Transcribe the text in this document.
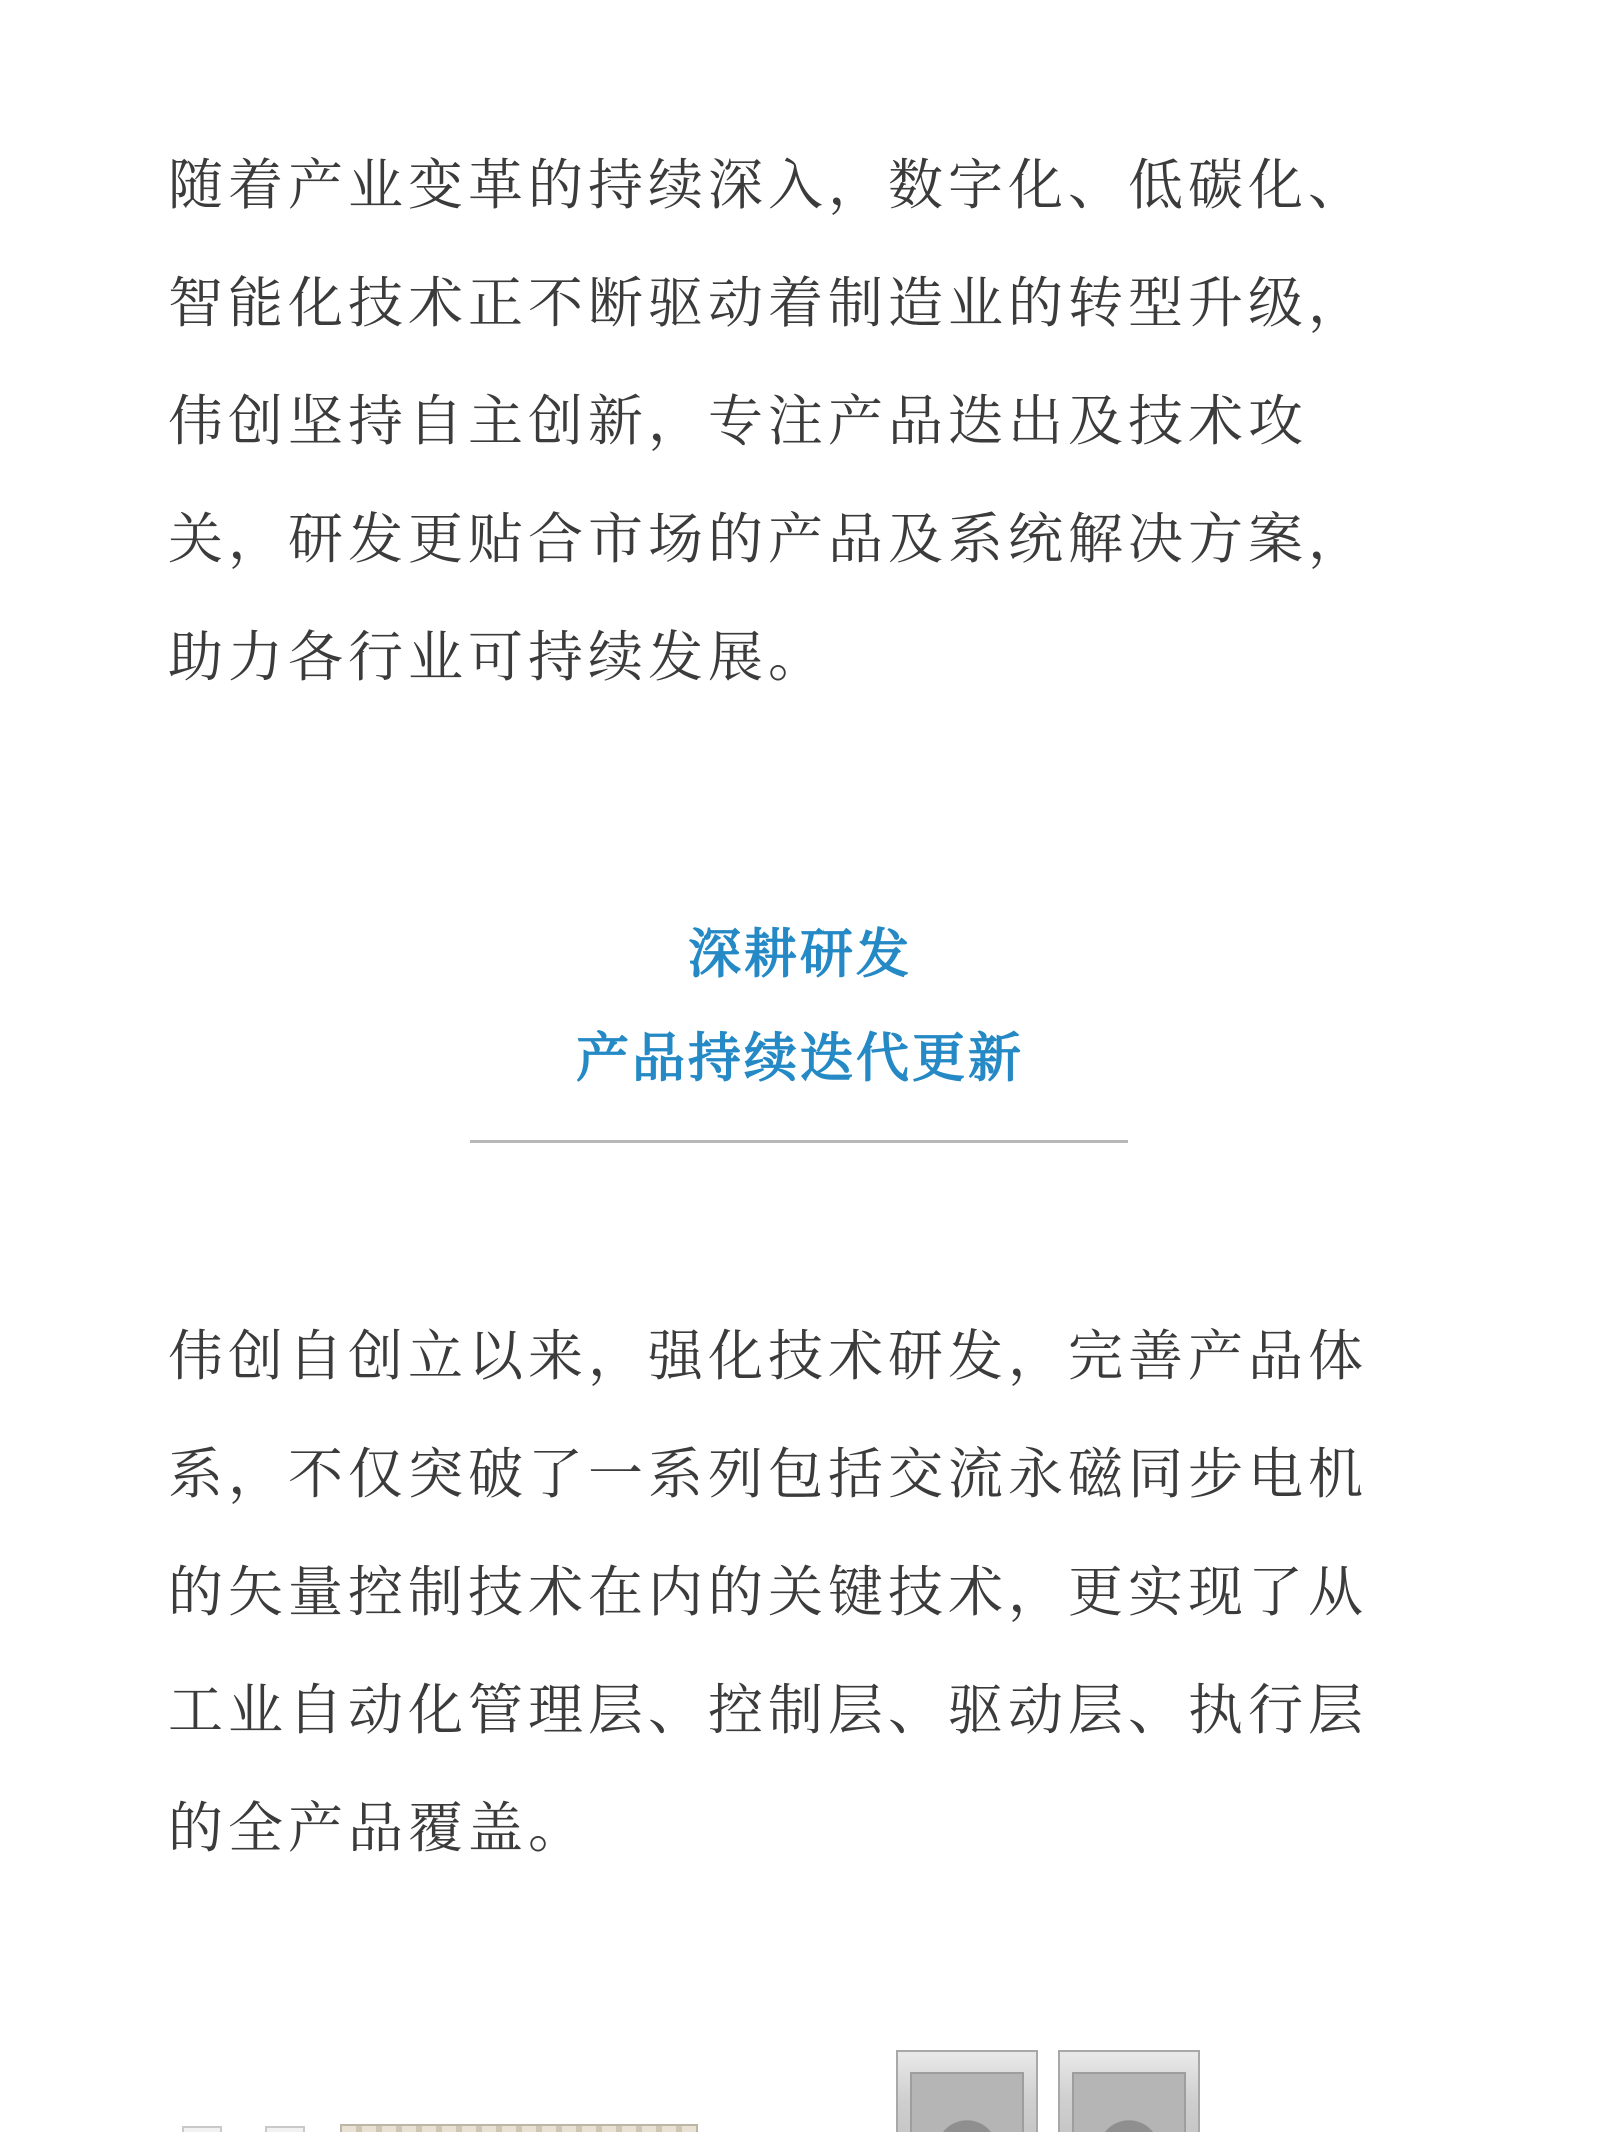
随着产业变革的持续深入，数字化、低碳化、
智能化技术正不断驱动着制造业的转型升级，
伟创坚持自主创新，专注产品迭出及技术攻
关，研发更贴合市场的产品及系统解决方案，
助力各行业可持续发展。
深耕研发
产品持续迭代更新
伟创自创立以来，强化技术研发，完善产品体
系，不仅突破了一系列包括交流永磁同步电机
的矢量控制技术在内的关键技术，更实现了从
工业自动化管理层、控制层、驱动层、执行层
的全产品覆盖。
